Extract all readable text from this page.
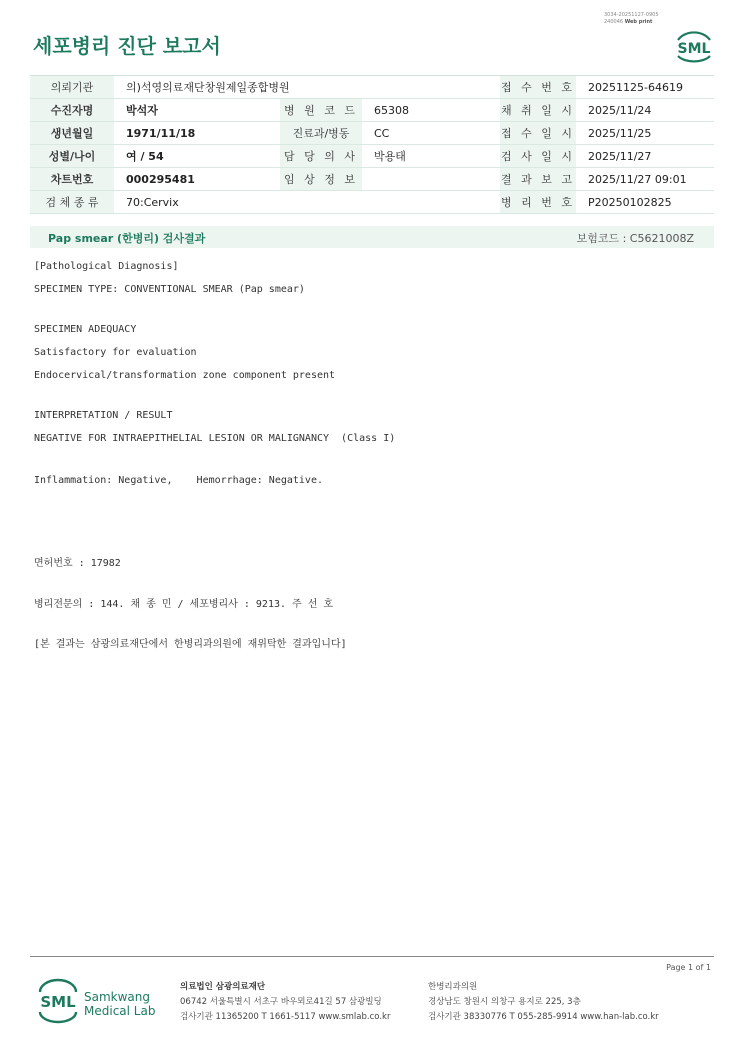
3034-20251127-0905
240046 Web print
세포병리 진단 보고서	SML
의뢰기관	의)석영의료재단창원제일종합병원			접 수 번 호	20251125-64619
수진자명	박석자	병 원 코 드	65308	채 취 일 시	2025/11/24
생년월일	1971/11/18	진료과/병동	CC	접 수 일 시	2025/11/25
성별/나이	여 / 54	담 당 의 사	박용태	검 사 일 시	2025/11/27
차트번호	000295481	임 상 정 보		결 과 보 고	2025/11/27 09:01
검 체 종 류	70:Cervix			병 리 번 호	P20250102825
Pap smear (한병리) 검사결과	보험코드 : C5621008Z
[Pathological Diagnosis]
SPECIMEN TYPE: CONVENTIONAL SMEAR (Pap smear)
SPECIMEN ADEQUACY
Satisfactory for evaluation
Endocervical/transformation zone component present
INTERPRETATION / RESULT
NEGATIVE FOR INTRAEPITHELIAL LESION OR MALIGNANCY  (Class I)
Inflammation: Negative,    Hemorrhage: Negative.
면허번호 : 17982
병리전문의 : 144. 채 종 민 / 세포병리사 : 9213. 주 선 호
[본 결과는 삼광의료재단에서 한병리과의원에 재위탁한 결과입니다]
Page 1 of 1
SML Samkwang
Medical Lab
의료법인 삼광의료재단
06742 서울특별시 서초구 바우뫼로41길 57 삼광빌딩
검사기관 11365200 T 1661-5117 www.smlab.co.kr
한병리과의원
경상남도 창원시 의창구 용지로 225, 3층
검사기관 38330776 T 055-285-9914 www.han-lab.co.kr
